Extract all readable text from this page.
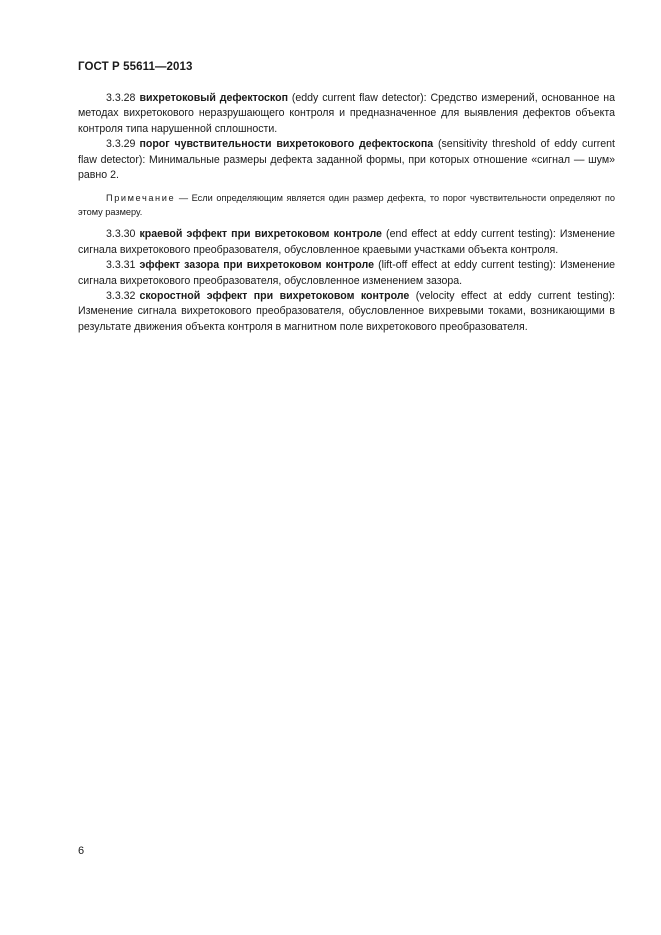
ГОСТ Р 55611—2013

3.3.28 вихретоковый дефектоскоп (eddy current flaw detector): Средство измерений, основанное на методах вихретокового неразрушающего контроля и предназначенное для выявления дефектов объекта контроля типа нарушенной сплошности.

3.3.29 порог чувствительности вихретокового дефектоскопа (sensitivity threshold of eddy current flaw detector): Минимальные размеры дефекта заданной формы, при которых отношение «сигнал — шум» равно 2.

Примечание — Если определяющим является один размер дефекта, то порог чувствительности определяют по этому размеру.

3.3.30 краевой эффект при вихретоковом контроле (end effect at eddy current testing): Изменение сигнала вихретокового преобразователя, обусловленное краевыми участками объекта контроля.

3.3.31 эффект зазора при вихретоковом контроле (lift-off effect at eddy current testing): Изменение сигнала вихретокового преобразователя, обусловленное изменением зазора.

3.3.32 скоростной эффект при вихретоковом контроле (velocity effect at eddy current testing): Изменение сигнала вихретокового преобразователя, обусловленное вихревыми токами, возникающими в результате движения объекта контроля в магнитном поле вихретокового преобразователя.

6
